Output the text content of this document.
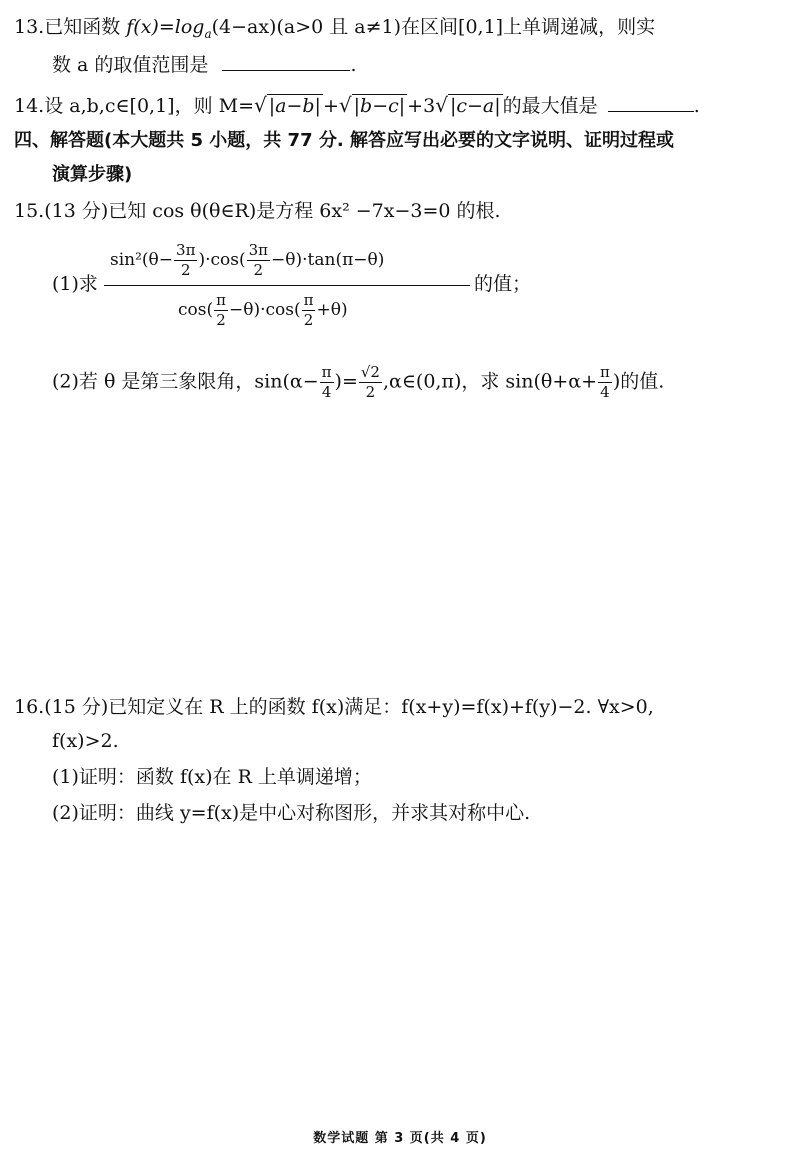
13.已知函数 $f(x)=\log_a(4-ax)(a>0$ 且 a≠1)在区间[0,1]上单调递减，则实
数 a 的取值范围是	.
14.设 a,b,c∈[0,1]，则 M=√ |a−b| +√ |b−c| +3√ |c−a| 的最大值是	.
四、解答题(本大题共 5 小题，共 77 分. 解答应写出必要的文字说明、证明过程或
演算步骤)
15.(13 分)已知 cos θ(θ∈R)是方程 6x² −7x−3=0 的根.
$\sin^2(\theta- \frac{3\pi}{2} )\cdot\cos( \frac{3\pi}{2} -\theta)\cdot\tan(\pi-\theta)$
(1)求	的值；
$\cos( \frac{\pi}{2} -\theta)\cdot\cos( \frac{\pi}{2} +\theta)$
(2)若 θ 是第三象限角，$\sin(\alpha- \frac{\pi}{4}$ )= $\frac{√2}{2}$ ,α∈(0,π)，求 $\sin(\theta+\alpha+ \frac{\pi}{4}$ )的值.
16.(15 分)已知定义在 R 上的函数 f(x)满足：f(x+y)=f(x)+f(y)−2. ∀x>0,
f(x)>2.
(1)证明：函数 f(x)在 R 上单调递增；
(2)证明：曲线 y=f(x)是中心对称图形，并求其对称中心.
数学试题 第 3 页(共 4 页)
